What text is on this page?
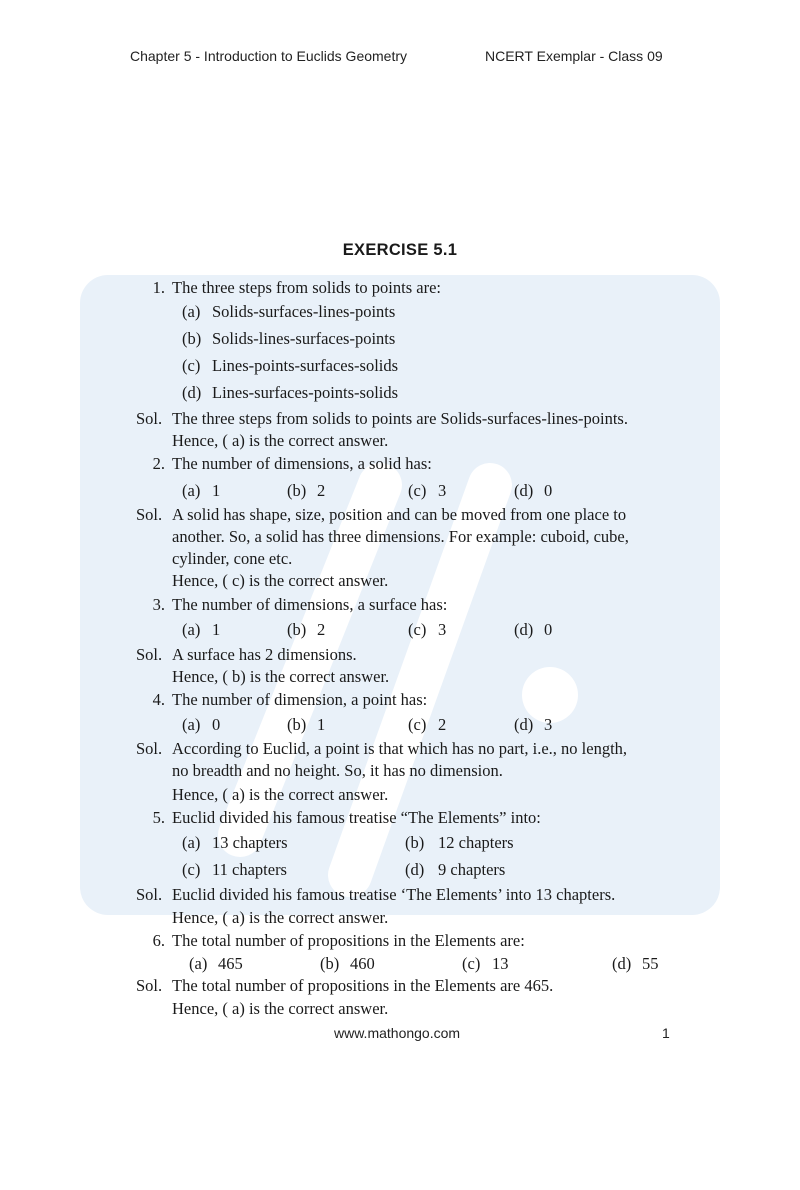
Chapter 5 - Introduction to Euclids Geometry	NCERT Exemplar - Class 09
EXERCISE 5.1
1. The three steps from solids to points are:
(a) Solids-surfaces-lines-points
(b) Solids-lines-surfaces-points
(c) Lines-points-surfaces-solids
(d) Lines-surfaces-points-solids
Sol. The three steps from solids to points are Solids-surfaces-lines-points.
Hence, ( a) is the correct answer.
2. The number of dimensions, a solid has:
(a) 1	(b) 2	(c) 3	(d) 0
Sol. A solid has shape, size, position and can be moved from one place to
another. So, a solid has three dimensions. For example: cuboid, cube,
cylinder, cone etc.
Hence, ( c) is the correct answer.
3. The number of dimensions, a surface has:
(a) 1	(b) 2	(c) 3	(d) 0
Sol. A surface has 2 dimensions.
Hence, ( b) is the correct answer.
4. The number of dimension, a point has:
(a) 0	(b) 1	(c) 2	(d) 3
Sol. According to Euclid, a point is that which has no part, i.e., no length,
no breadth and no height. So, it has no dimension.
Hence, ( a) is the correct answer.
5. Euclid divided his famous treatise “The Elements” into:
(a) 13 chapters	(b) 12 chapters
(c) 11 chapters	(d) 9 chapters
Sol. Euclid divided his famous treatise ‘The Elements’ into 13 chapters.
Hence, ( a) is the correct answer.
6. The total number of propositions in the Elements are:
(a) 465	(b) 460	(c) 13	(d) 55
Sol. The total number of propositions in the Elements are 465.
Hence, ( a) is the correct answer.
www.mathongo.com	1
